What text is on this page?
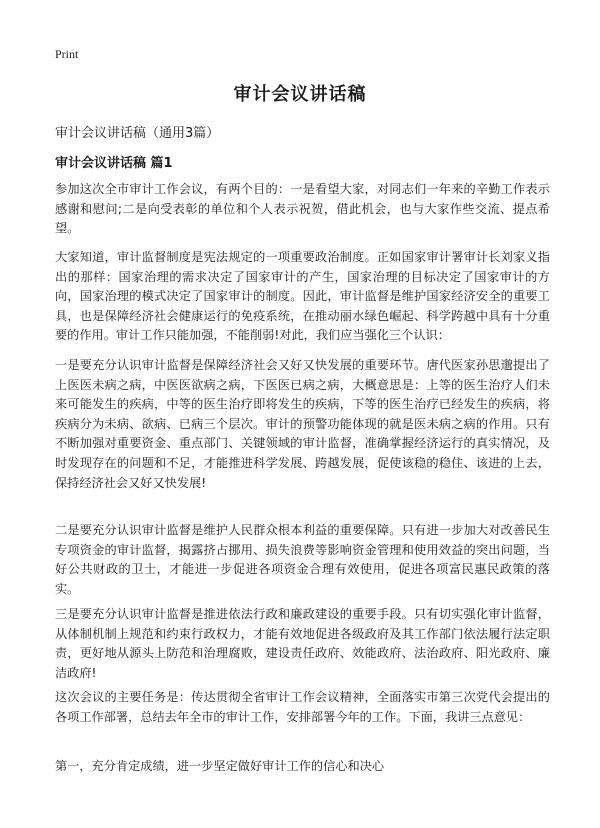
Print
审计会议讲话稿

审计会议讲话稿（通用3篇）

审计会议讲话稿 篇1

参加这次全市审计工作会议，有两个目的：一是看望大家，对同志们一年来的辛勤工作表示感谢和慰问;二是向受表彰的单位和个人表示祝贺，借此机会，也与大家作些交流、提点希望。

大家知道，审计监督制度是宪法规定的一项重要政治制度。正如国家审计署审计长刘家义指出的那样：国家治理的需求决定了国家审计的产生，国家治理的目标决定了国家审计的方向，国家治理的模式决定了国家审计的制度。因此，审计监督是维护国家经济安全的重要工具，也是保障经济社会健康运行的免疫系统，在推动丽水绿色崛起、科学跨越中具有十分重要的作用。审计工作只能加强，不能削弱!对此，我们应当强化三个认识：

一是要充分认识审计监督是保障经济社会又好又快发展的重要环节。唐代医家孙思邈提出了上医医未病之病，中医医欲病之病，下医医已病之病，大概意思是：上等的医生治疗人们未来可能发生的疾病，中等的医生治疗即将发生的疾病，下等的医生治疗已经发生的疾病，将疾病分为未病、欲病、已病三个层次。审计的预警功能体现的就是医未病之病的作用。只有不断加强对重要资金、重点部门、关键领域的审计监督，准确掌握经济运行的真实情况，及时发现存在的问题和不足，才能推进科学发展、跨越发展，促使该稳的稳住、该进的上去，保持经济社会又好又快发展!

二是要充分认识审计监督是维护人民群众根本利益的重要保障。只有进一步加大对改善民生专项资金的审计监督，揭露挤占挪用、损失浪费等影响资金管理和使用效益的突出问题，当好公共财政的卫士，才能进一步促进各项资金合理有效使用，促进各项富民惠民政策的落实。

三是要充分认识审计监督是推进依法行政和廉政建设的重要手段。只有切实强化审计监督，从体制机制上规范和约束行政权力，才能有效地促进各级政府及其工作部门依法履行法定职责，更好地从源头上防范和治理腐败，建设责任政府、效能政府、法治政府、阳光政府、廉洁政府!

这次会议的主要任务是：传达贯彻全省审计工作会议精神，全面落实市第三次党代会提出的各项工作部署，总结去年全市的审计工作，安排部署今年的工作。下面，我讲三点意见：

第一，充分肯定成绩，进一步坚定做好审计工作的信心和决心
